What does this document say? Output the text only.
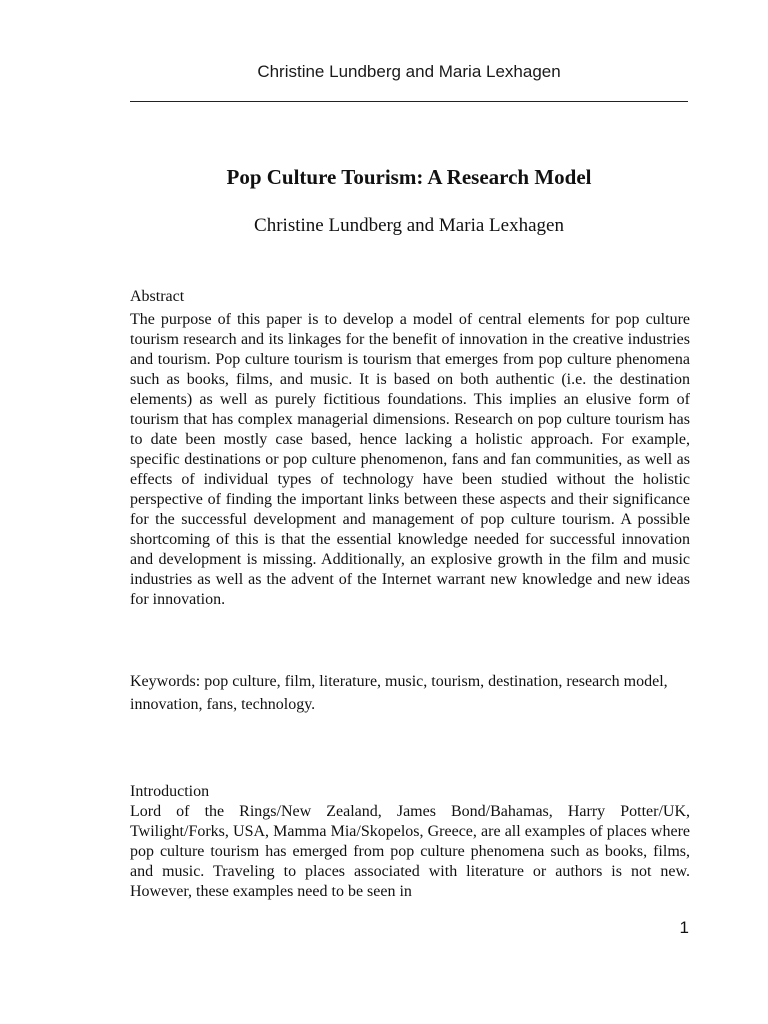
Christine Lundberg and Maria Lexhagen
Pop Culture Tourism: A Research Model

Christine Lundberg and Maria Lexhagen

Abstract

The purpose of this paper is to develop a model of central elements for pop culture tourism research and its linkages for the benefit of innovation in the creative industries and tourism. Pop culture tourism is tourism that emerges from pop culture phenomena such as books, films, and music. It is based on both authentic (i.e. the destination elements) as well as purely fictitious foundations. This implies an elusive form of tourism that has complex managerial dimensions. Research on pop culture tourism has to date been mostly case based, hence lacking a holistic approach. For example, specific destinations or pop culture phenomenon, fans and fan communities, as well as effects of individual types of technology have been studied without the holistic perspective of finding the important links between these aspects and their significance for the successful development and management of pop culture tourism. A possible shortcoming of this is that the essential knowledge needed for successful innovation and development is missing. Additionally, an explosive growth in the film and music industries as well as the advent of the Internet warrant new knowledge and new ideas for innovation.

Keywords: pop culture, film, literature, music, tourism, destination, research model, innovation, fans, technology.

Introduction

Lord of the Rings/New Zealand, James Bond/Bahamas, Harry Potter/UK, Twilight/Forks, USA, Mamma Mia/Skopelos, Greece, are all examples of places where pop culture tourism has emerged from pop culture phenomena such as books, films, and music. Traveling to places associated with literature or authors is not new. However, these examples need to be seen in

1
